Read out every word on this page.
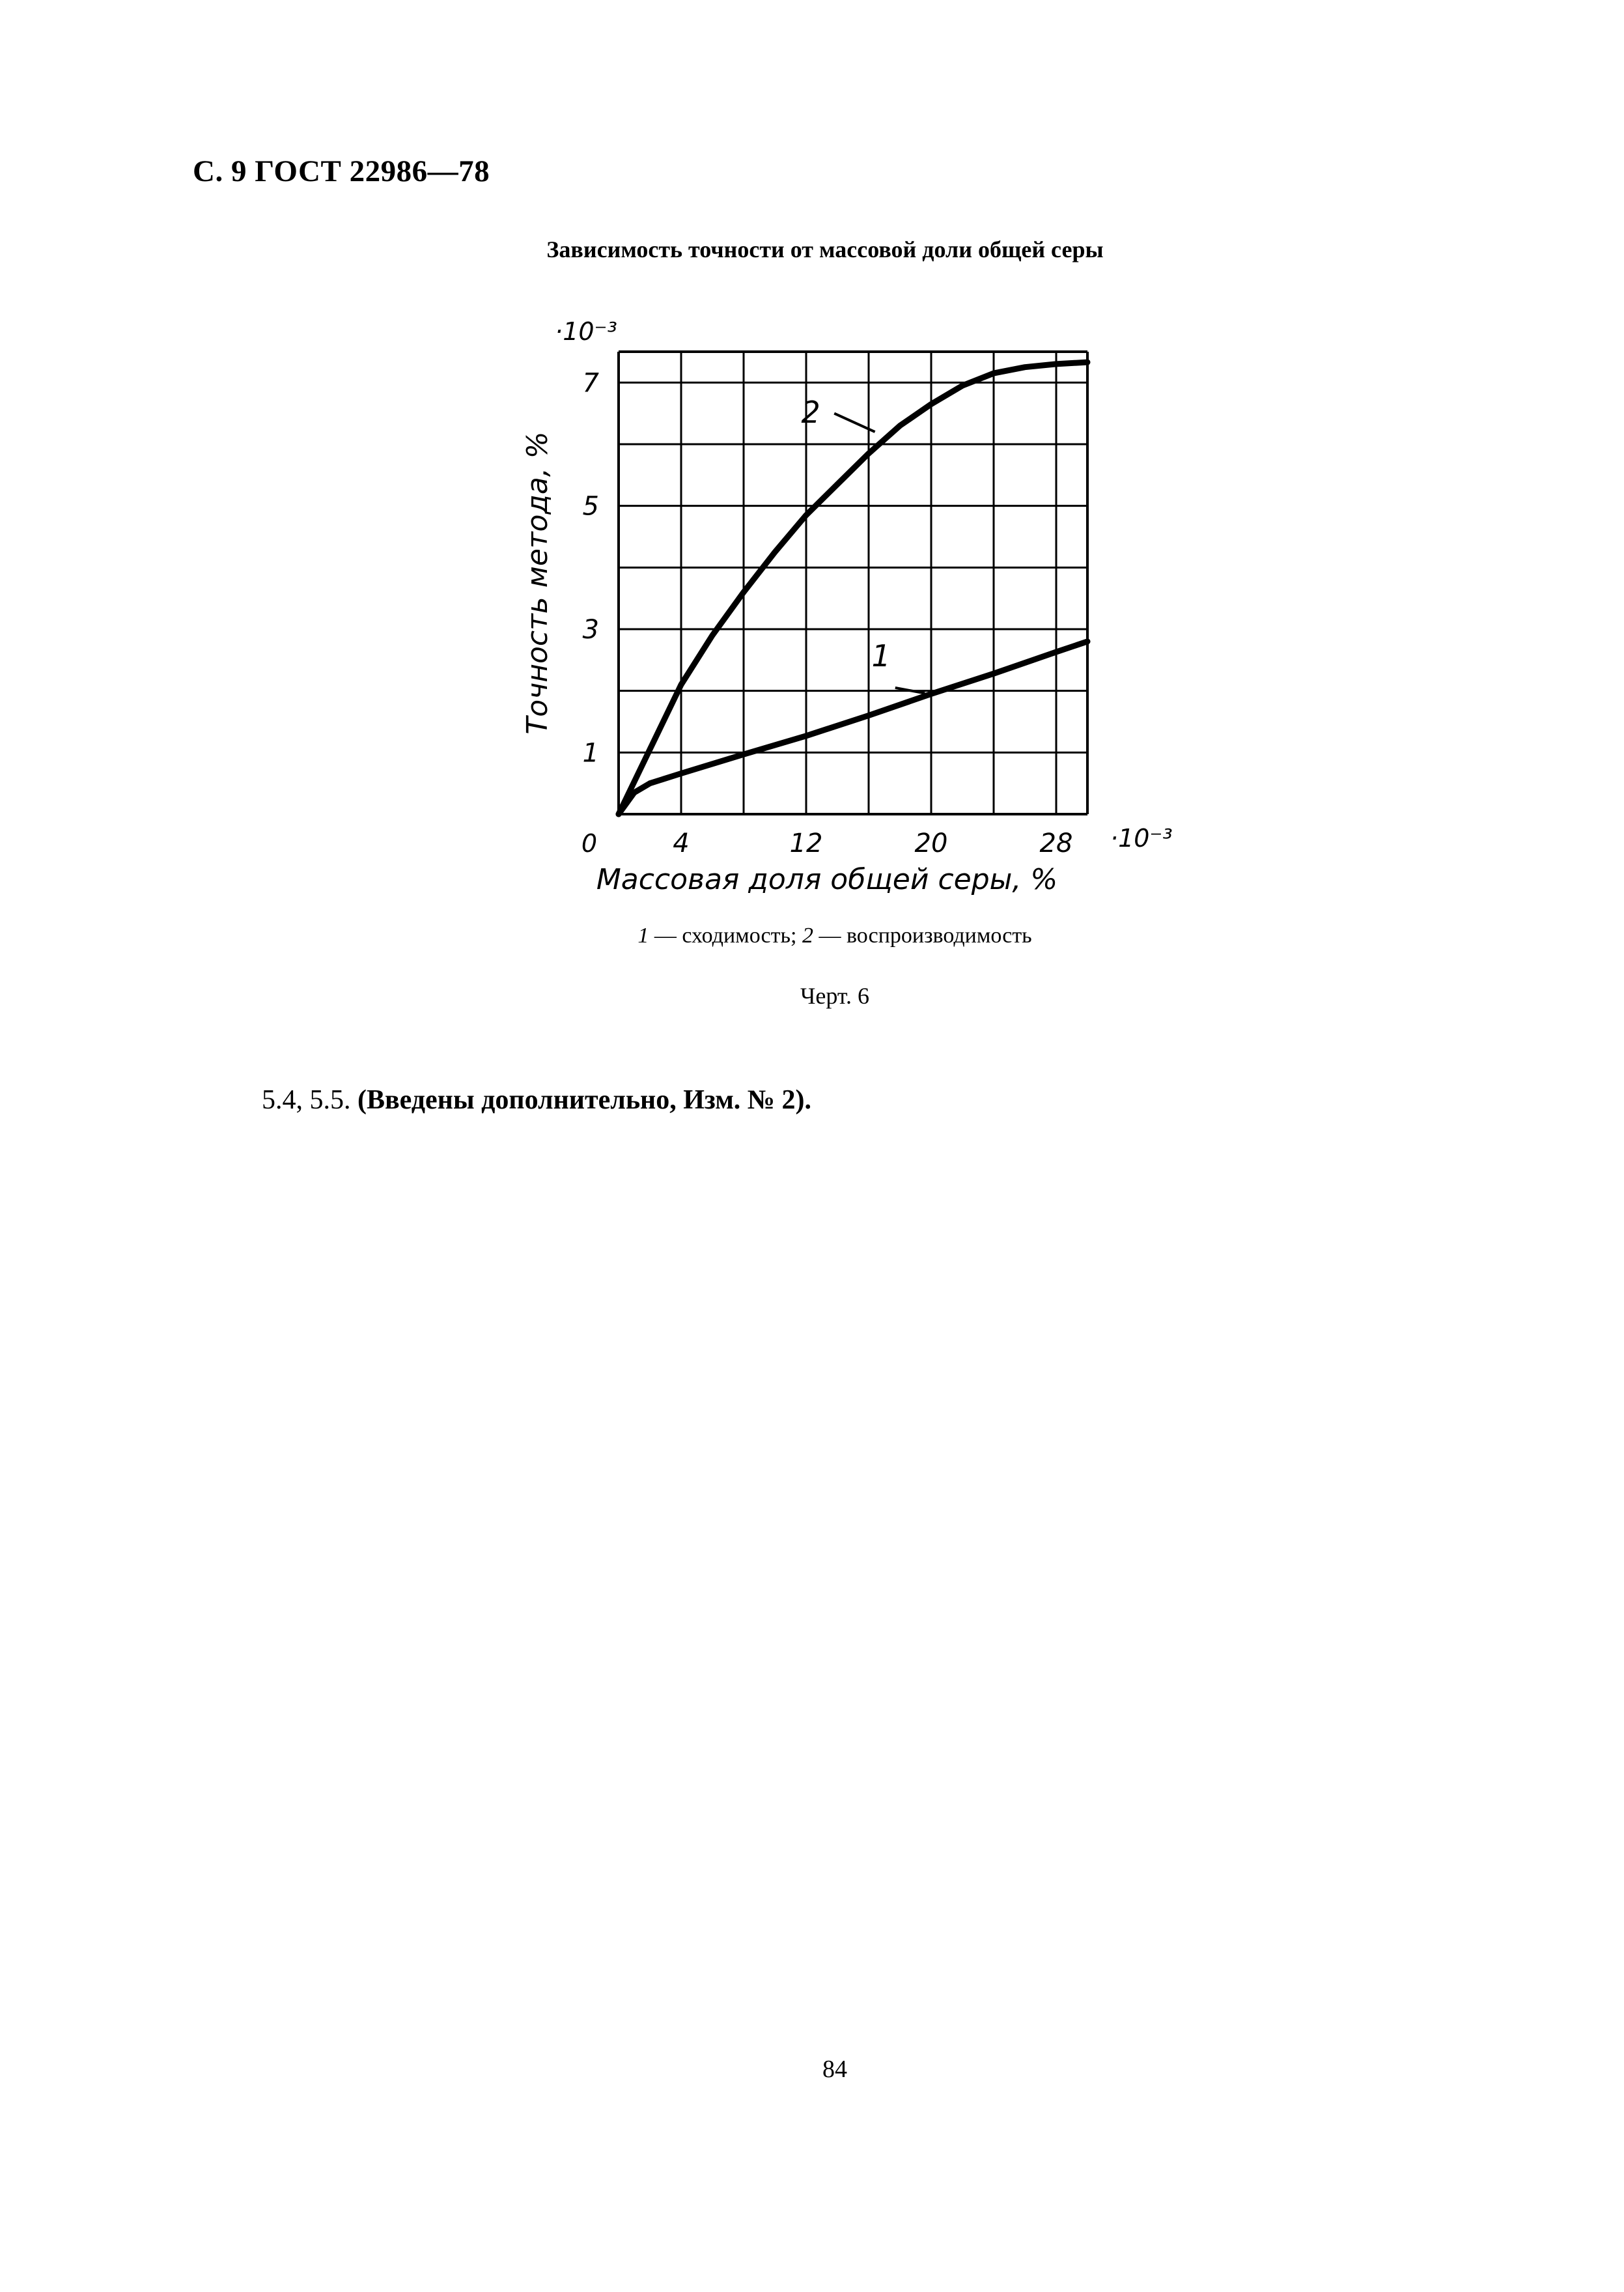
С. 9 ГОСТ 22986—78
Зависимость точности от массовой доли общей серы
·10⁻³
·10⁻³
0
Массовая доля общей серы, %
Точность метода, %	1
2
4	12	20	28
1
3
5
7
1 — сходимость; 2 — воспроизводимость
Черт. 6
5.4, 5.5. (Введены дополнительно, Изм. № 2).
84
